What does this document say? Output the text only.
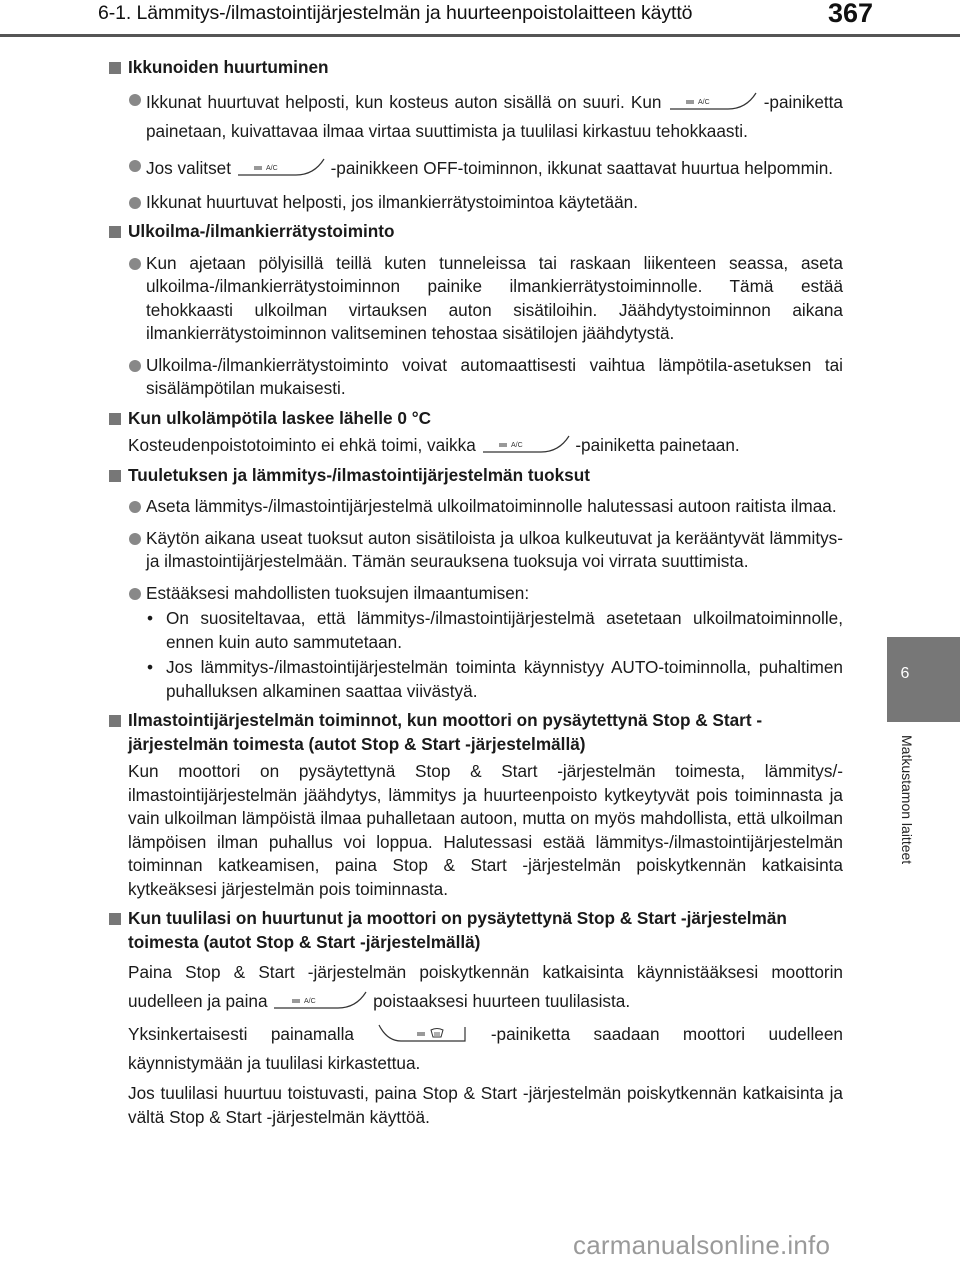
6-1. Lämmitys-/ilmastointijärjestelmän ja huurteenpoistolaitteen käyttö	367
6
Matkustamon laitteet
Ikkunoiden huurtuminen
Ikkunat huurtuvat helposti, kun kosteus auton sisällä on suuri. Kun	A/C	-painiketta painetaan, kuivattavaa ilmaa virtaa suuttimista ja tuulilasi kirkastuu tehokkaasti.
Jos valitset	A/C	-painikkeen OFF-toiminnon, ikkunat saattavat huurtua helpommin.
Ikkunat huurtuvat helposti, jos ilmankierrätystoimintoa käytetään.
Ulkoilma-/ilmankierrätystoiminto
Kun ajetaan pölyisillä teillä kuten tunneleissa tai raskaan liikenteen seassa, aseta ulkoilma-/ilmankierrätystoiminnon painike ilmankierrätystoiminnolle. Tämä estää tehokkaasti ulkoilman virtauksen auton sisätiloihin. Jäähdytystoiminnon aikana ilmankierrätystoiminnon valitseminen tehostaa sisätilojen jäähdytystä.
Ulkoilma-/ilmankierrätystoiminto voivat automaattisesti vaihtua lämpötila-asetuksen tai sisälämpötilan mukaisesti.
Kun ulkolämpötila laskee lähelle 0 °C
Kosteudenpoistotoiminto ei ehkä toimi, vaikka	A/C	-painiketta painetaan.
Tuuletuksen ja lämmitys-/ilmastointijärjestelmän tuoksut
Aseta lämmitys-/ilmastointijärjestelmä ulkoilmatoiminnolle halutessasi autoon raitista ilmaa.
Käytön aikana useat tuoksut auton sisätiloista ja ulkoa kulkeutuvat ja kerääntyvät lämmitys- ja ilmastointijärjestelmään. Tämän seurauksena tuoksuja voi virrata suuttimista.
Estääksesi mahdollisten tuoksujen ilmaantumisen:
• On suositeltavaa, että lämmitys-/ilmastointijärjestelmä asetetaan ulkoilmatoiminnolle, ennen kuin auto sammutetaan.
• Jos lämmitys-/ilmastointijärjestelmän toiminta käynnistyy AUTO-toiminnolla, puhaltimen puhalluksen alkaminen saattaa viivästyä.
Ilmastointijärjestelmän toiminnot, kun moottori on pysäytettynä Stop & Start -järjestelmän toimesta (autot Stop & Start -järjestelmällä)
Kun moottori on pysäytettynä Stop & Start -järjestelmän toimesta, lämmitys/-ilmastointijärjestelmän jäähdytys, lämmitys ja huurteenpoisto kytkeytyvät pois toiminnasta ja vain ulkoilman lämpöistä ilmaa puhalletaan autoon, mutta on myös mahdollista, että ulkoilman lämpöisen ilman puhallus voi loppua. Halutessasi estää lämmitys-/ilmastointijärjestelmän toiminnan katkeamisen, paina Stop & Start -järjestelmän poiskytkennän katkaisinta kytkeäksesi järjestelmän pois toiminnasta.
Kun tuulilasi on huurtunut ja moottori on pysäytettynä Stop & Start -järjestelmän toimesta (autot Stop & Start -järjestelmällä)
Paina Stop & Start -järjestelmän poiskytkennän katkaisinta käynnistääksesi moottorin uudelleen ja paina	A/C	poistaaksesi huurteen tuulilasista.
Yksinkertaisesti painamalla	-painiketta saadaan moottori uudelleen käynnistymään ja tuulilasi kirkastettua.
Jos tuulilasi huurtuu toistuvasti, paina Stop & Start -järjestelmän poiskytkennän katkaisinta ja vältä Stop & Start -järjestelmän käyttöä.
carmanualsonline.info
